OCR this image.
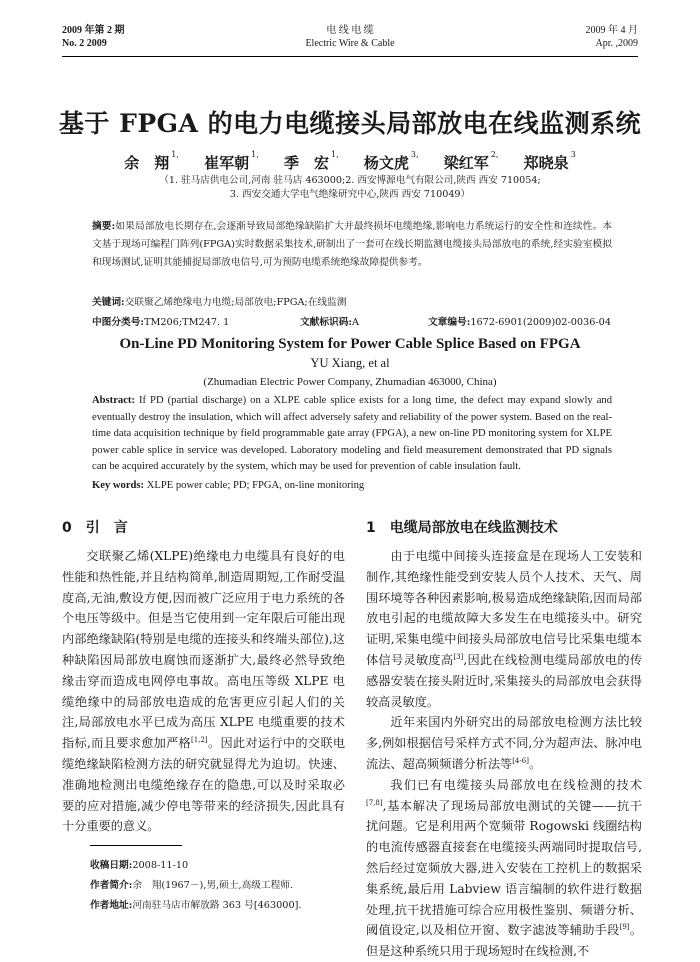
2009 年第 2 期
No. 2 2009
电 线 电 缆
Electric Wire & Cable
2009 年 4 月
Apr. ,2009
基于 FPGA 的电力电缆接头局部放电在线监测系统
余　翔 $^{1,}$ 崔军朝 $^{1,}$ 季　宏 $^{1,}$ 杨文虎 $^{3,}$ 梁红军 $^{2,}$ 郑晓泉 $^3$
（1. 驻马店供电公司,河南 驻马店 463000;2. 西安博源电气有限公司,陕西 西安 710054;
3. 西安交通大学电气绝缘研究中心,陕西 西安 710049）
摘要:如果局部放电长期存在,会逐渐导致局部绝缘缺陷扩大并最终损坏电缆绝缘,影响电力系统运行的安全性和连续性。本文基于现场可编程门阵列(FPGA)实时数据采集技术,研制出了一套可在线长期监测电缆接头局部放电的系统,经实验室模拟和现场测试,证明其能捕捉局部放电信号,可为预防电缆系统绝缘故障提供参考。
关键词:交联聚乙烯绝缘电力电缆;局部放电;FPGA;在线监测
中图分类号:TM206;TM247. 1	文献标识码:A	文章编号:1672-6901(2009)02-0036-04
On-Line PD Monitoring System for Power Cable Splice Based on FPGA
YU Xiang, et al
(Zhumadian Electric Power Company, Zhumadian 463000, China)
Abstract: If PD (partial discharge) on a XLPE cable splice exists for a long time, the defect may expand slowly and eventually destroy the insulation, which will affect adversely safety and reliability of the power system. Based on the real-time data acquisition technique by field programmable gate array (FPGA), a new on-line PD monitoring system for XLPE power cable splice in service was developed. Laboratory modeling and field measurement demonstrated that PD signals can be acquired accurately by the system, which may be used for prevention of cable insulation fault.
Key words: XLPE power cable; PD; FPGA, on-line monitoring
0 引　言

交联聚乙烯(XLPE)绝缘电力电缆具有良好的电性能和热性能,并且结构简单,制造周期短,工作耐受温度高,无油,敷设方便,因而被广泛应用于电力系统的各个电压等级中。但是当它使用到一定年限后可能出现内部绝缘缺陷(特别是电缆的连接头和终端头部位),这种缺陷因局部放电腐蚀而逐渐扩大,最终必然导致绝缘击穿而造成电网停电事故。高电压等级 XLPE 电缆绝缘中的局部放电造成的危害更应引起人们的关注,局部放电水平已成为高压 XLPE 电缆重要的技术指标,而且要求愈加严格[1,2]。因此对运行中的交联电缆绝缘缺陷检测方法的研究就显得尤为迫切。快速、准确地检测出电缆绝缘存在的隐患,可以及时采取必要的应对措施,减少停电等带来的经济损失,因此具有十分重要的意义。

收稿日期:2008-11-10
作者简介:余　翔(1967－),男,硕士,高级工程师.
作者地址:河南驻马店市解放路 363 号[463000].
1 电缆局部放电在线监测技术

由于电缆中间接头连接盒是在现场人工安装和制作,其绝缘性能受到安装人员个人技术、天气、周围环境等各种因素影响,极易造成绝缘缺陷,因而局部放电引起的电缆故障大多发生在电缆接头中。研究证明,采集电缆中间接头局部放电信号比采集电缆本体信号灵敏度高[3],因此在线检测电缆局部放电的传感器安装在接头附近时,采集接头的局部放电会获得较高灵敏度。

近年来国内外研究出的局部放电检测方法比较多,例如根据信号采样方式不同,分为超声法、脉冲电流法、超高频频谱分析法等[4-6]。

我们已有电缆接头局部放电在线检测的技术[7,8],基本解决了现场局部放电测试的关键——抗干扰问题。它是利用两个宽频带 Rogowski 线圈结构的电流传感器直接套在电缆接头两端同时提取信号,然后经过宽频放大器,进入安装在工控机上的数据采集系统,最后用 Labview 语言编制的软件进行数据处理,抗干扰措施可综合应用极性鉴别、频谱分析、阈值设定,以及相位开窗、数字滤波等辅助手段[9]。但是这种系统只用于现场短时在线检测,不
